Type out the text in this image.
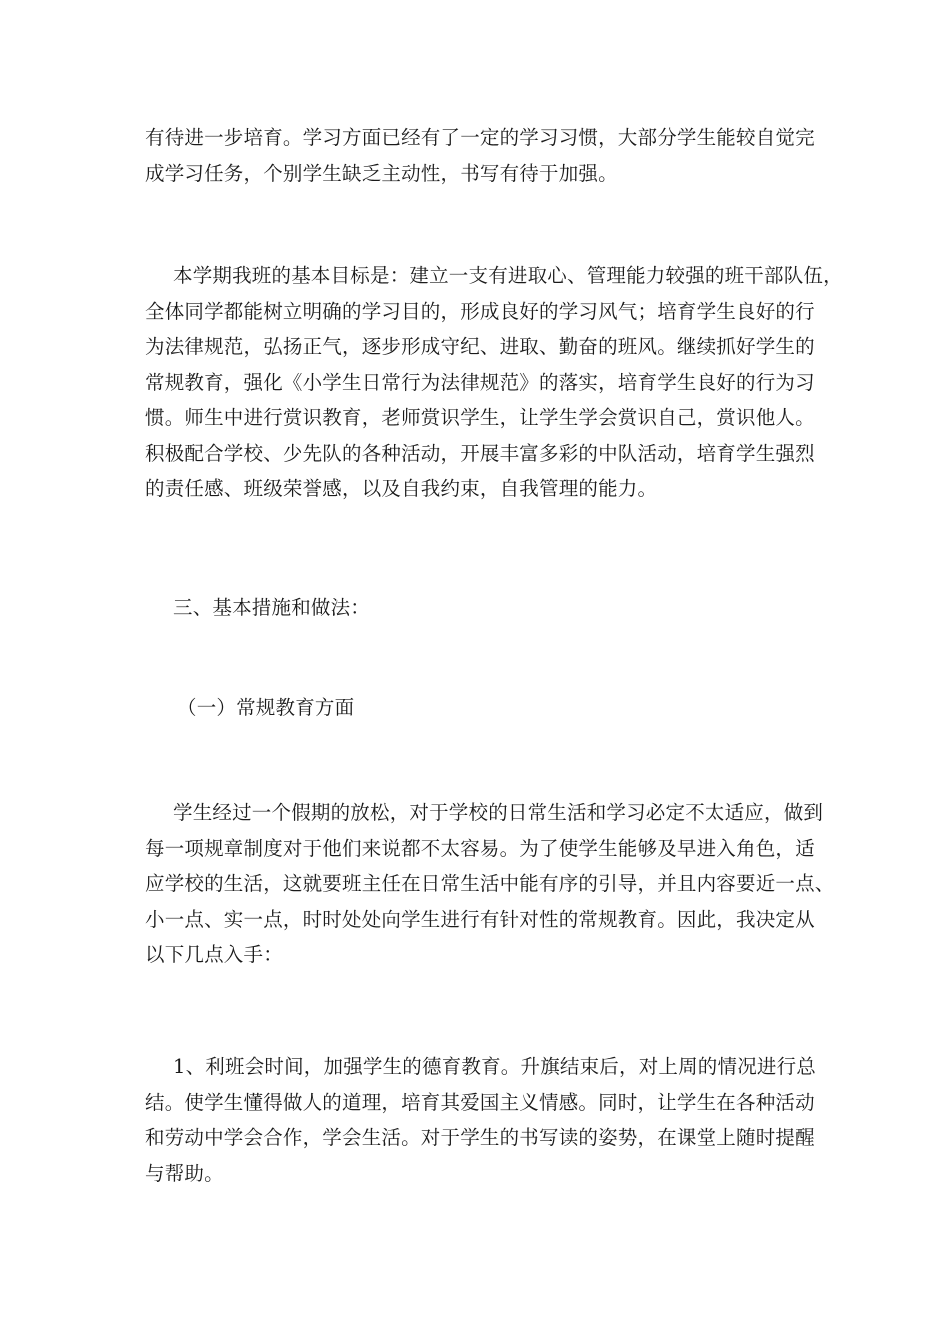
有待进一步培育。学习方面已经有了一定的学习习惯，大部分学生能较自觉完
成学习任务，个别学生缺乏主动性，书写有待于加强。

本学期我班的基本目标是：建立一支有进取心、管理能力较强的班干部队伍，
全体同学都能树立明确的学习目的，形成良好的学习风气；培育学生良好的行
为法律规范，弘扬正气，逐步形成守纪、进取、勤奋的班风。继续抓好学生的
常规教育，强化《小学生日常行为法律规范》的落实，培育学生良好的行为习
惯。师生中进行赏识教育，老师赏识学生，让学生学会赏识自己，赏识他人。
积极配合学校、少先队的各种活动，开展丰富多彩的中队活动，培育学生强烈
的责任感、班级荣誉感，以及自我约束，自我管理的能力。

三、基本措施和做法：

（一）常规教育方面

学生经过一个假期的放松，对于学校的日常生活和学习必定不太适应，做到
每一项规章制度对于他们来说都不太容易。为了使学生能够及早进入角色，适
应学校的生活，这就要班主任在日常生活中能有序的引导，并且内容要近一点、
小一点、实一点，时时处处向学生进行有针对性的常规教育。因此，我决定从
以下几点入手：

1、利班会时间，加强学生的德育教育。升旗结束后，对上周的情况进行总
结。使学生懂得做人的道理，培育其爱国主义情感。同时，让学生在各种活动
和劳动中学会合作，学会生活。对于学生的书写读的姿势，在课堂上随时提醒
与帮助。
